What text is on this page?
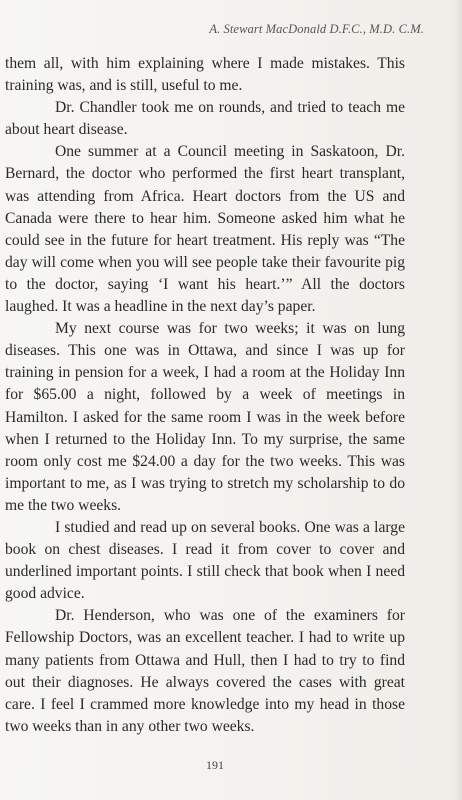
A. Stewart MacDonald D.F.C., M.D. C.M.

them all, with him explaining where I made mistakes. This training was, and is still, useful to me.

Dr. Chandler took me on rounds, and tried to teach me about heart disease.

One summer at a Council meeting in Saskatoon, Dr. Bernard, the doctor who performed the first heart transplant, was attending from Africa. Heart doctors from the US and Canada were there to hear him. Someone asked him what he could see in the future for heart treatment. His reply was “The day will come when you will see people take their favourite pig to the doctor, saying ‘I want his heart.’” All the doctors laughed. It was a headline in the next day’s paper.

My next course was for two weeks; it was on lung diseases. This one was in Ottawa, and since I was up for training in pension for a week, I had a room at the Holiday Inn for $65.00 a night, followed by a week of meetings in Hamilton. I asked for the same room I was in the week before when I returned to the Holiday Inn. To my surprise, the same room only cost me $24.00 a day for the two weeks. This was important to me, as I was trying to stretch my scholarship to do me the two weeks.

I studied and read up on several books. One was a large book on chest diseases. I read it from cover to cover and underlined important points. I still check that book when I need good advice.

Dr. Henderson, who was one of the examiners for Fellowship Doctors, was an excellent teacher. I had to write up many patients from Ottawa and Hull, then I had to try to find out their diagnoses. He always covered the cases with great care. I feel I crammed more knowledge into my head in those two weeks than in any other two weeks.

191
